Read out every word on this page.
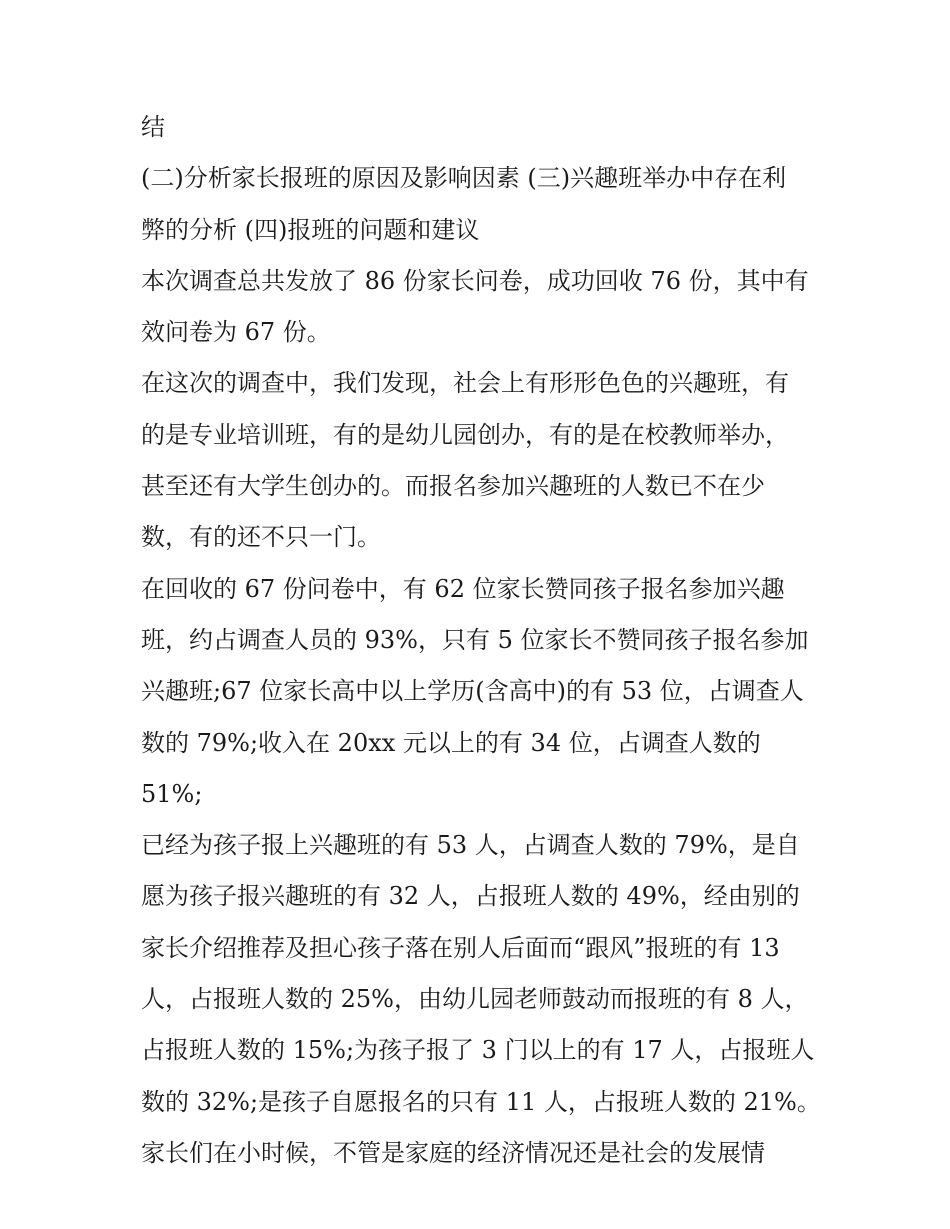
结
(二)分析家长报班的原因及影响因素 (三)兴趣班举办中存在利
弊的分析 (四)报班的问题和建议
本次调查总共发放了 86 份家长问卷，成功回收 76 份，其中有
效问卷为 67 份。
在这次的调查中，我们发现，社会上有形形色色的兴趣班，有
的是专业培训班，有的是幼儿园创办，有的是在校教师举办，
甚至还有大学生创办的。而报名参加兴趣班的人数已不在少
数，有的还不只一门。
在回收的 67 份问卷中，有 62 位家长赞同孩子报名参加兴趣
班，约占调查人员的 93%，只有 5 位家长不赞同孩子报名参加
兴趣班;67 位家长高中以上学历(含高中)的有 53 位，占调查人
数的 79%;收入在 20xx 元以上的有 34 位，占调查人数的 51%;
已经为孩子报上兴趣班的有 53 人，占调查人数的 79%，是自
愿为孩子报兴趣班的有 32 人，占报班人数的 49%，经由别的
家长介绍推荐及担心孩子落在别人后面而“跟风”报班的有 13
人，占报班人数的 25%，由幼儿园老师鼓动而报班的有 8 人，
占报班人数的 15%;为孩子报了 3 门以上的有 17 人，占报班人
数的 32%;是孩子自愿报名的只有 11 人，占报班人数的 21%。
家长们在小时候，不管是家庭的经济情况还是社会的发展情
